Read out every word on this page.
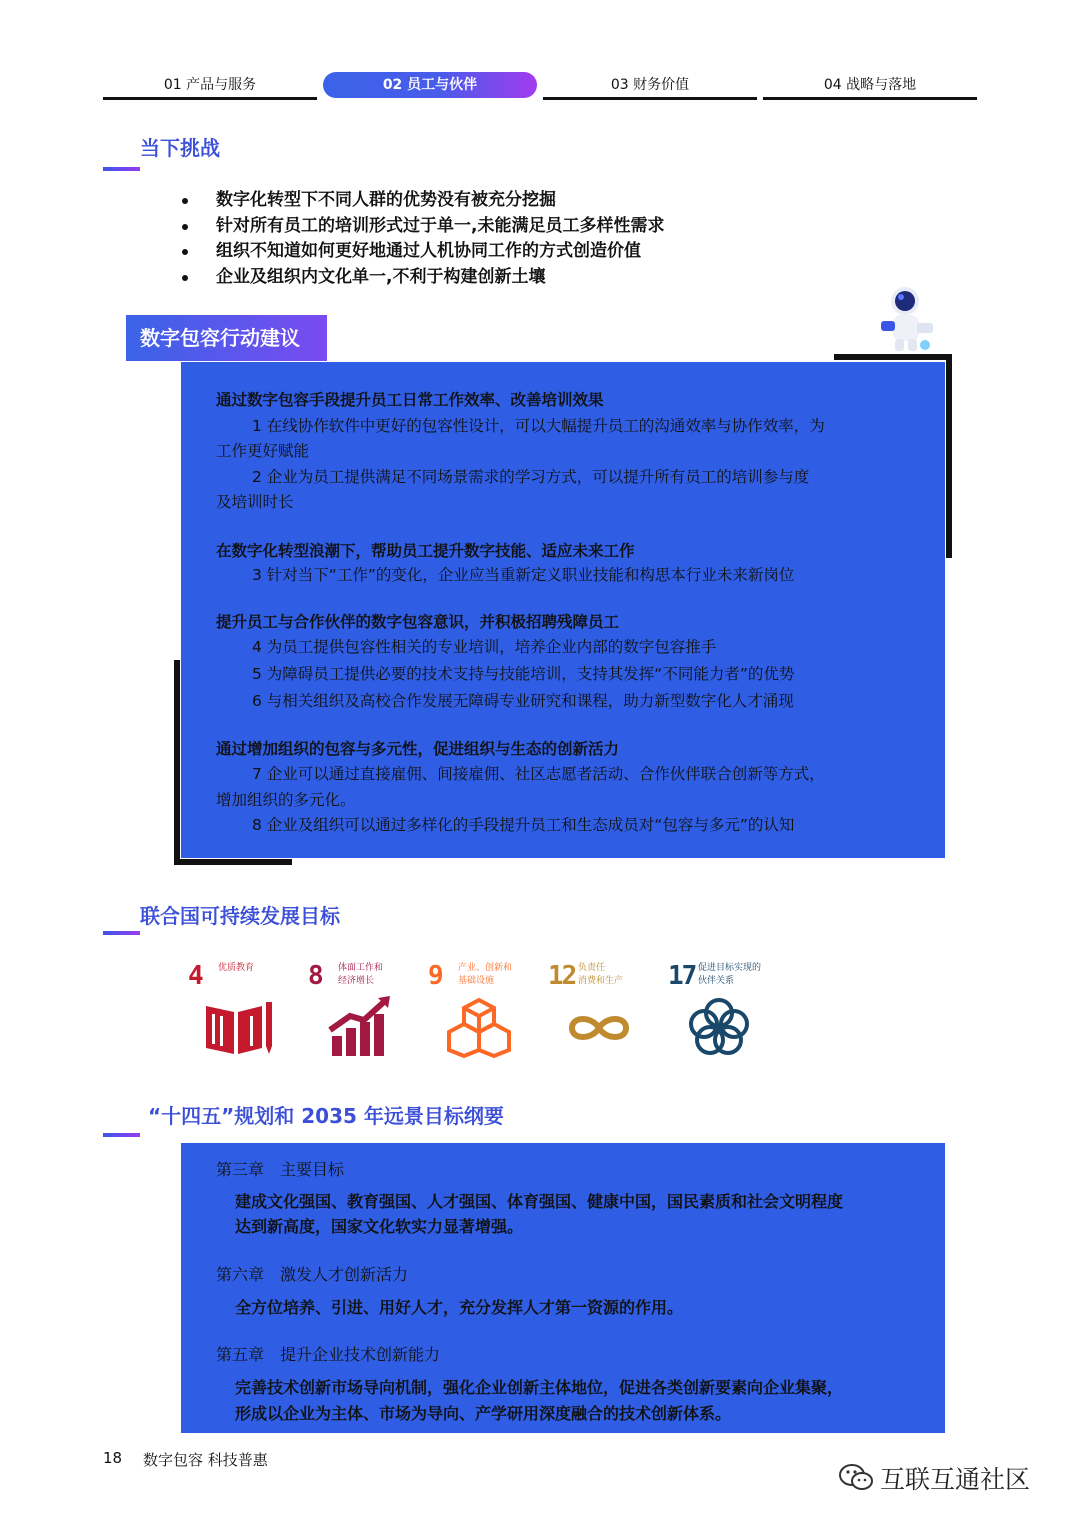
01 产品与服务	02 员工与伙伴	03 财务价值	04 战略与落地
当下挑战
数字化转型下不同人群的优势没有被充分挖掘
针对所有员工的培训形式过于单一,未能满足员工多样性需求
组织不知道如何更好地通过人机协同工作的方式创造价值
企业及组织内文化单一,不利于构建创新土壤
数字包容行动建议
通过数字包容手段提升员工日常工作效率、改善培训效果
1 在线协作软件中更好的包容性设计，可以大幅提升员工的沟通效率与协作效率，为
工作更好赋能
2 企业为员工提供满足不同场景需求的学习方式，可以提升所有员工的培训参与度
及培训时长
在数字化转型浪潮下，帮助员工提升数字技能、适应未来工作
3 针对当下“工作”的变化，企业应当重新定义职业技能和构思本行业未来新岗位
提升员工与合作伙伴的数字包容意识，并积极招聘残障员工
4 为员工提供包容性相关的专业培训，培养企业内部的数字包容推手
5 为障碍员工提供必要的技术支持与技能培训，支持其发挥“不同能力者”的优势
6 与相关组织及高校合作发展无障碍专业研究和课程，助力新型数字化人才涌现
通过增加组织的包容与多元性，促进组织与生态的创新活力
7 企业可以通过直接雇佣、间接雇佣、社区志愿者活动、合作伙伴联合创新等方式，
增加组织的多元化。
8 企业及组织可以通过多样化的手段提升员工和生态成员对“包容与多元”的认知
联合国可持续发展目标
4 优质教育 8 体面工作和
经济增长	9 产业、创新和
基础设施	12 负责任
消费和生产 17 促进目标实现的
伙伴关系
“十四五”规划和 2035 年远景目标纲要
第三章　主要目标
建成文化强国、教育强国、人才强国、体育强国、健康中国，国民素质和社会文明程度
达到新高度，国家文化软实力显著增强。
第六章　激发人才创新活力
全方位培养、引进、用好人才，充分发挥人才第一资源的作用。
第五章　提升企业技术创新能力
完善技术创新市场导向机制，强化企业创新主体地位，促进各类创新要素向企业集聚，
形成以企业为主体、市场为导向、产学研用深度融合的技术创新体系。
18 数字包容 科技普惠
互联互通社区
